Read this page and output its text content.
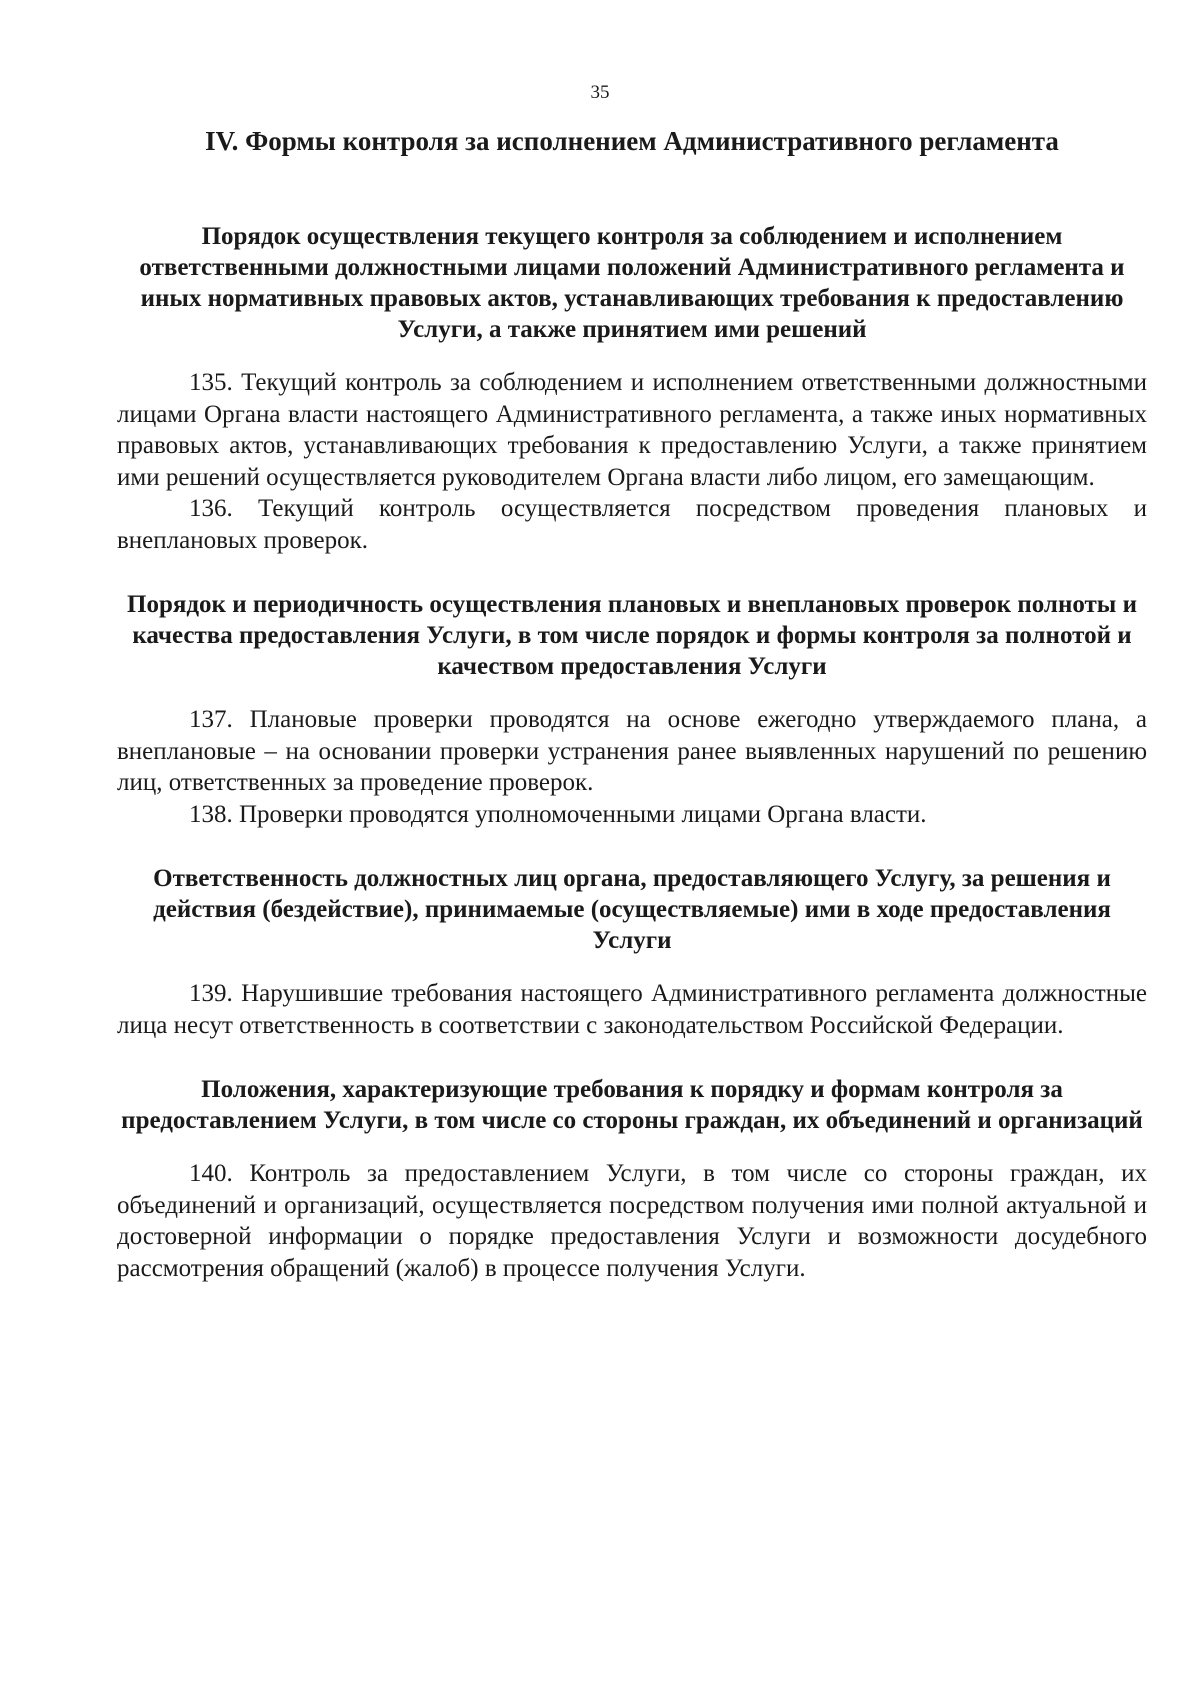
35

IV. Формы контроля за исполнением Административного регламента

Порядок осуществления текущего контроля за соблюдением и исполнением ответственными должностными лицами положений Административного регламента и иных нормативных правовых актов, устанавливающих требования к предоставлению Услуги, а также принятием ими решений

135. Текущий контроль за соблюдением и исполнением ответственными должностными лицами Органа власти настоящего Административного регламента, а также иных нормативных правовых актов, устанавливающих требования к предоставлению Услуги, а также принятием ими решений осуществляется руководителем Органа власти либо лицом, его замещающим.

136. Текущий контроль осуществляется посредством проведения плановых и внеплановых проверок.

Порядок и периодичность осуществления плановых и внеплановых проверок полноты и качества предоставления Услуги, в том числе порядок и формы контроля за полнотой и качеством предоставления Услуги

137. Плановые проверки проводятся на основе ежегодно утверждаемого плана, а внеплановые – на основании проверки устранения ранее выявленных нарушений по решению лиц, ответственных за проведение проверок.

138. Проверки проводятся уполномоченными лицами Органа власти.

Ответственность должностных лиц органа, предоставляющего Услугу, за решения и действия (бездействие), принимаемые (осуществляемые) ими в ходе предоставления Услуги

139. Нарушившие требования настоящего Административного регламента должностные лица несут ответственность в соответствии с законодательством Российской Федерации.

Положения, характеризующие требования к порядку и формам контроля за предоставлением Услуги, в том числе со стороны граждан, их объединений и организаций

140. Контроль за предоставлением Услуги, в том числе со стороны граждан, их объединений и организаций, осуществляется посредством получения ими полной актуальной и достоверной информации о порядке предоставления Услуги и возможности досудебного рассмотрения обращений (жалоб) в процессе получения Услуги.
